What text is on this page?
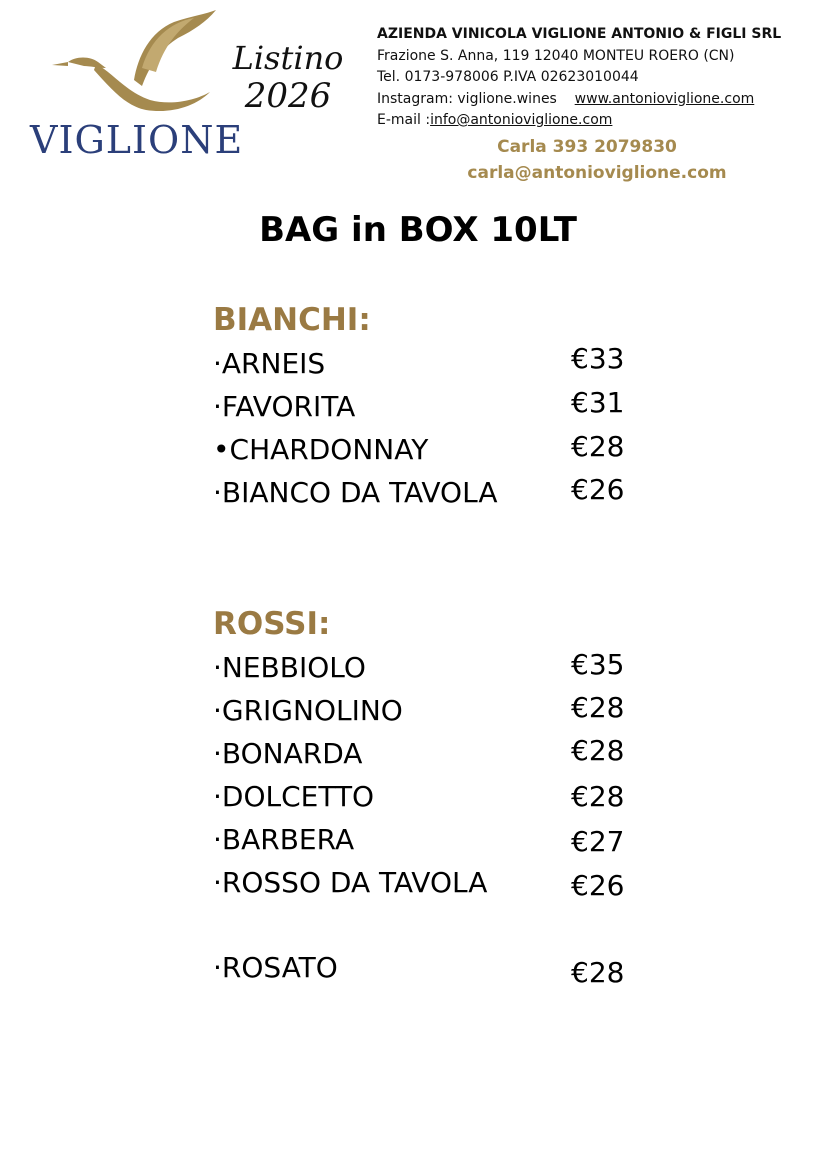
VIGLIONE
Listino
2026
AZIENDA VINICOLA VIGLIONE ANTONIO & FIGLI SRL
Frazione S. Anna, 119 12040 MONTEU ROERO (CN)
Tel. 0173-978006 P.IVA 02623010044
Instagram: viglione.wines www.antonioviglione.com
E-mail :info@antonioviglione.com
Carla 393 2079830
carla@antonioviglione.com
BAG in BOX 10LT
BIANCHI:
·ARNEIS	€33
·FAVORITA	€31
•CHARDONNAY	€28
·BIANCO DA TAVOLA	€26
ROSSI:
·NEBBIOLO	€35
·GRIGNOLINO	€28
·BONARDA	€28
·DOLCETTO	€28
·BARBERA	€27
·ROSSO DA TAVOLA	€26
·ROSATO	€28
